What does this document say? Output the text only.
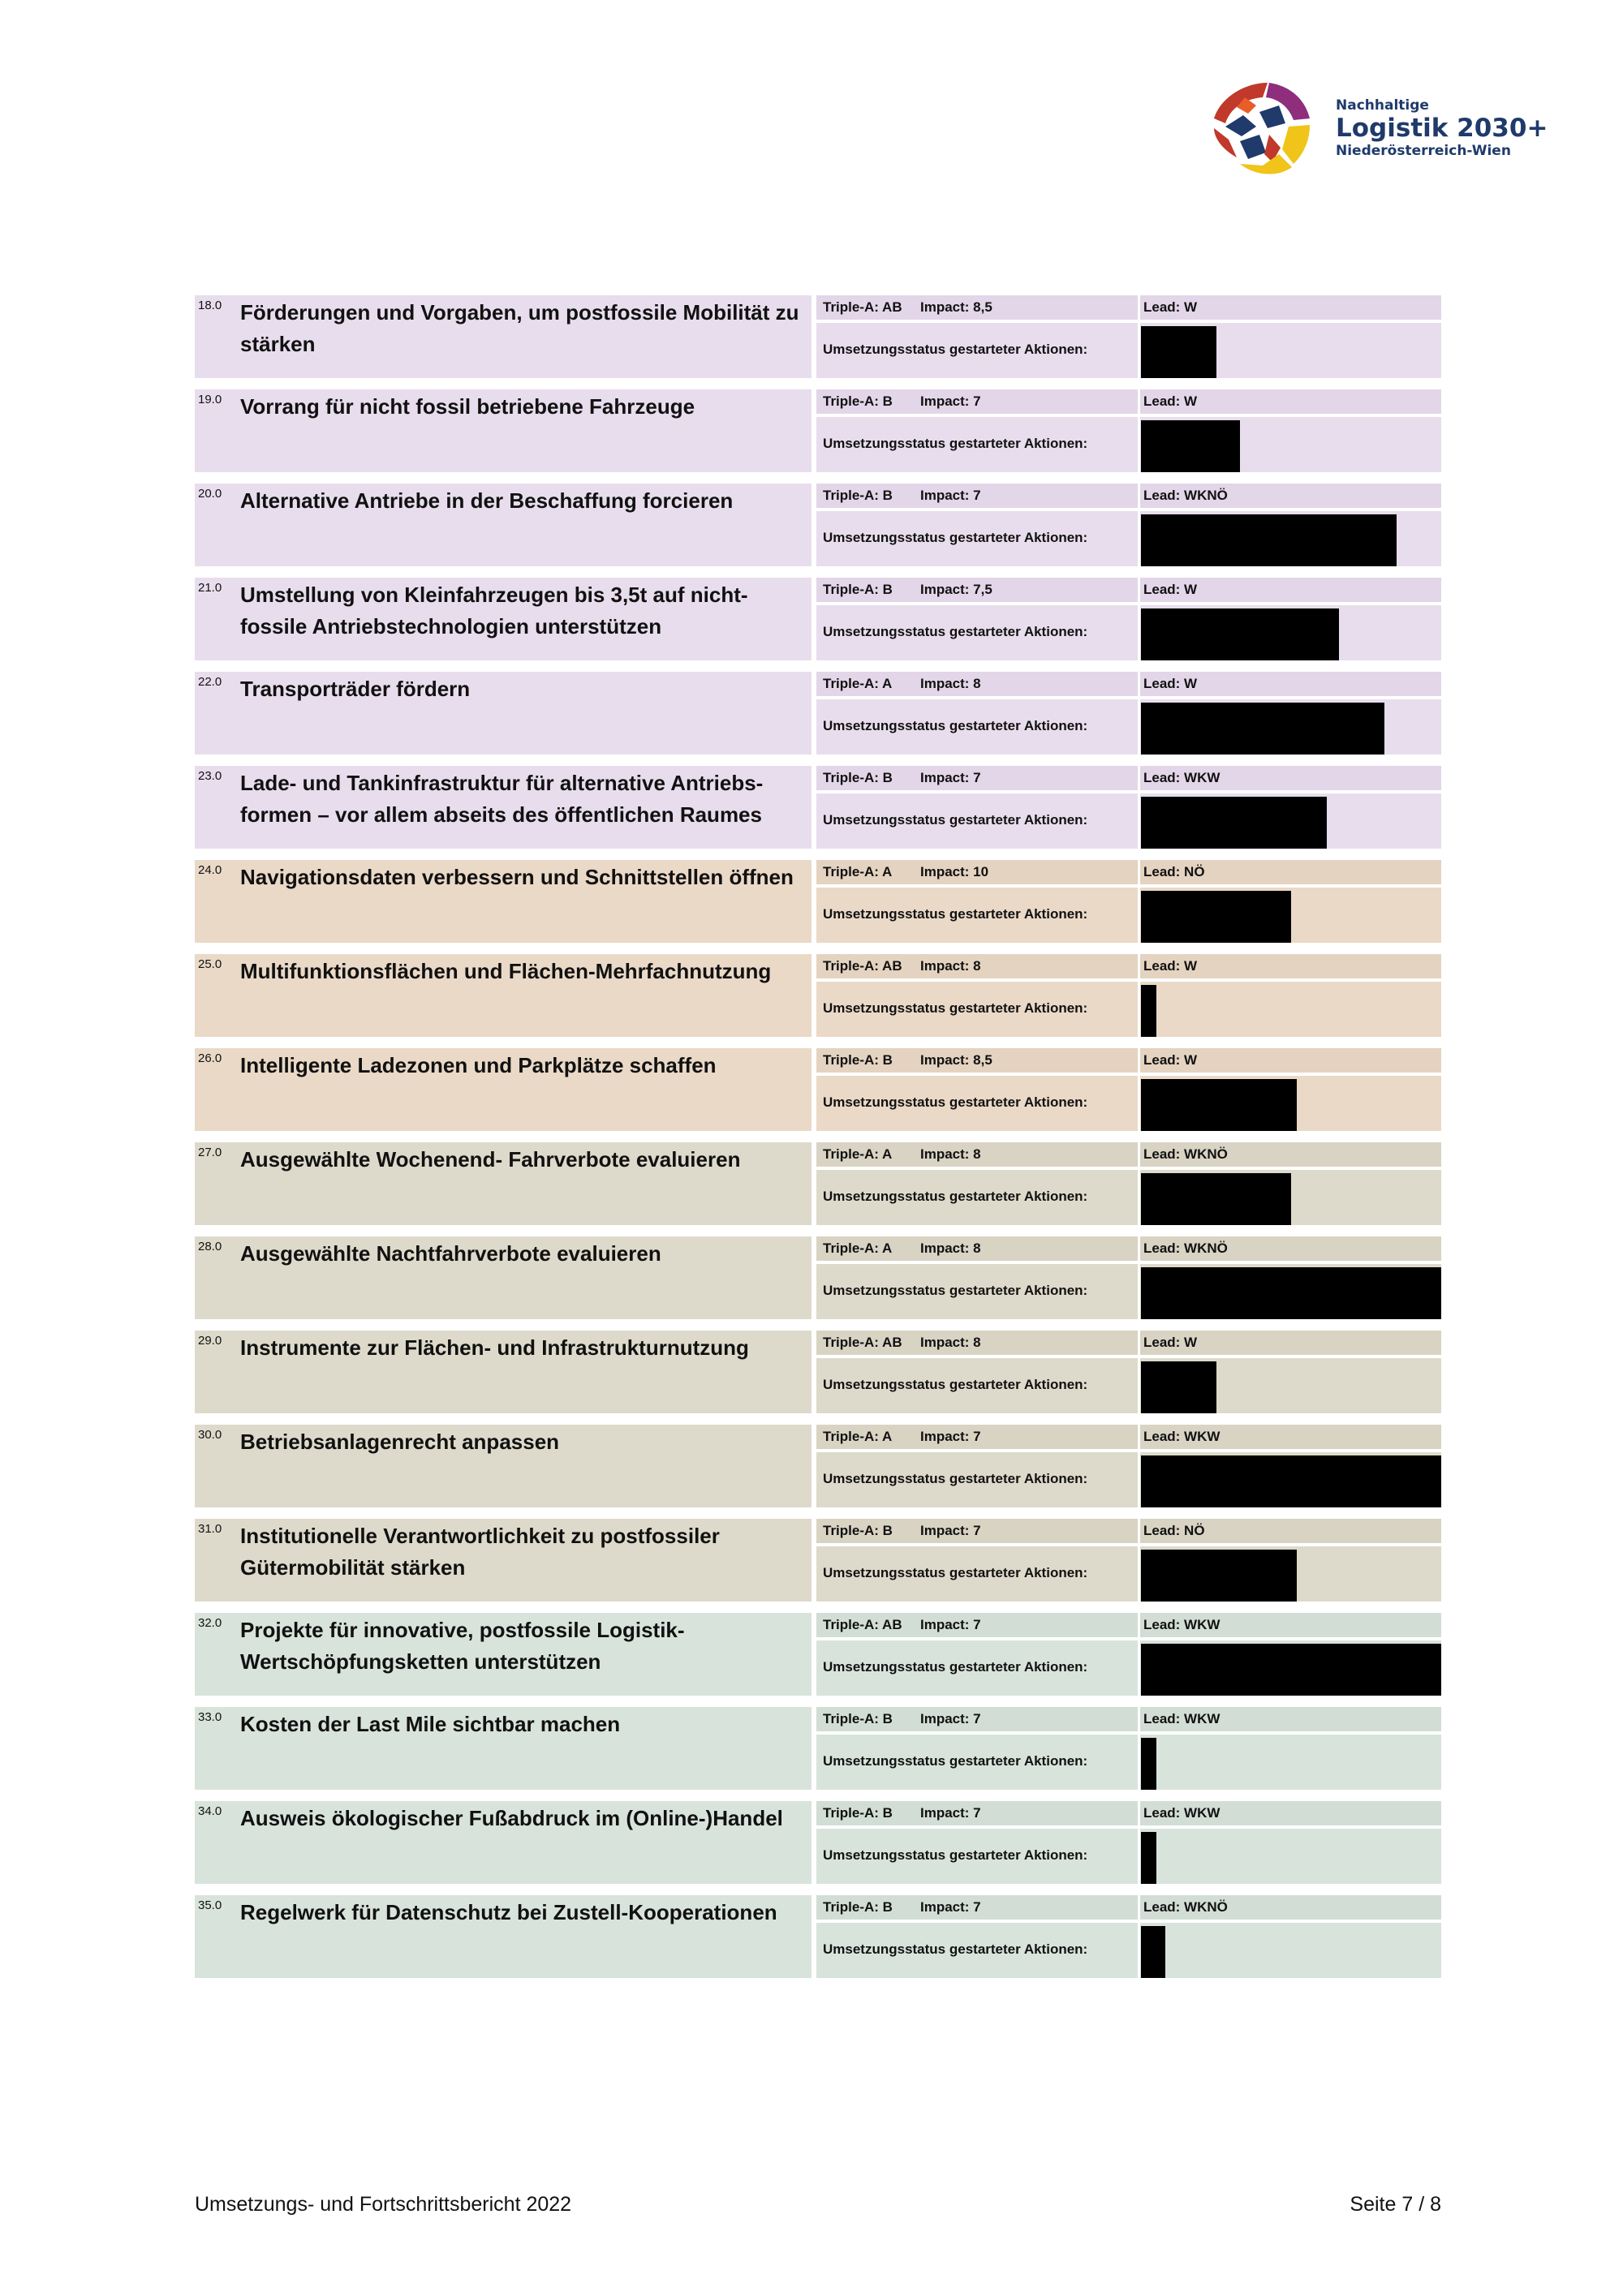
Nachhaltige
Logistik 2030+
Niederösterreich-Wien
18.0 Förderungen und Vorgaben, um postfossile Mobilität zu stärken
Triple-A: AB Impact: 8,5	Lead: W
Umsetzungsstatus gestarteter Aktionen:
19.0 Vorrang für nicht fossil betriebene Fahrzeuge	Triple-A: B Impact: 7	Lead: W
Umsetzungsstatus gestarteter Aktionen:
20.0 Alternative Antriebe in der Beschaffung forcieren	Triple-A: B Impact: 7	Lead: WKNÖ
Umsetzungsstatus gestarteter Aktionen:
21.0 Umstellung von Kleinfahrzeugen bis 3,5t auf nicht-fossile Antriebstechnologien unterstützen
Triple-A: B Impact: 7,5	Lead: W
Umsetzungsstatus gestarteter Aktionen:
22.0 Transporträder fördern	Triple-A: A Impact: 8	Lead: W
Umsetzungsstatus gestarteter Aktionen:
23.0 Lade- und Tankinfrastruktur für alternative Antriebs-formen – vor allem abseits des öffentlichen Raumes
Triple-A: B Impact: 7	Lead: WKW
Umsetzungsstatus gestarteter Aktionen:
24.0 Navigationsdaten verbessern und Schnittstellen öffnen	Triple-A: A Impact: 10	Lead: NÖ
Umsetzungsstatus gestarteter Aktionen:
25.0 Multifunktionsflächen und Flächen-Mehrfachnutzung	Triple-A: AB Impact: 8	Lead: W
Umsetzungsstatus gestarteter Aktionen:
26.0 Intelligente Ladezonen und Parkplätze schaffen	Triple-A: B Impact: 8,5	Lead: W
Umsetzungsstatus gestarteter Aktionen:
27.0 Ausgewählte Wochenend- Fahrverbote evaluieren	Triple-A: A Impact: 8	Lead: WKNÖ
Umsetzungsstatus gestarteter Aktionen:
28.0 Ausgewählte Nachtfahrverbote evaluieren	Triple-A: A Impact: 8	Lead: WKNÖ
Umsetzungsstatus gestarteter Aktionen:
29.0 Instrumente zur Flächen- und Infrastrukturnutzung	Triple-A: AB Impact: 8	Lead: W
Umsetzungsstatus gestarteter Aktionen:
30.0 Betriebsanlagenrecht anpassen	Triple-A: A Impact: 7	Lead: WKW
Umsetzungsstatus gestarteter Aktionen:
31.0 Institutionelle Verantwortlichkeit zu postfossiler Gütermobilität stärken
Triple-A: B Impact: 7	Lead: NÖ
Umsetzungsstatus gestarteter Aktionen:
32.0 Projekte für innovative, postfossile Logistik-Wertschöpfungsketten unterstützen
Triple-A: AB Impact: 7	Lead: WKW
Umsetzungsstatus gestarteter Aktionen:
33.0 Kosten der Last Mile sichtbar machen	Triple-A: B Impact: 7	Lead: WKW
Umsetzungsstatus gestarteter Aktionen:
34.0 Ausweis ökologischer Fußabdruck im (Online-)Handel	Triple-A: B Impact: 7	Lead: WKW
Umsetzungsstatus gestarteter Aktionen:
35.0 Regelwerk für Datenschutz bei Zustell-Kooperationen	Triple-A: B Impact: 7	Lead: WKNÖ
Umsetzungsstatus gestarteter Aktionen:
Umsetzungs- und Fortschrittsbericht 2022	Seite 7 / 8
